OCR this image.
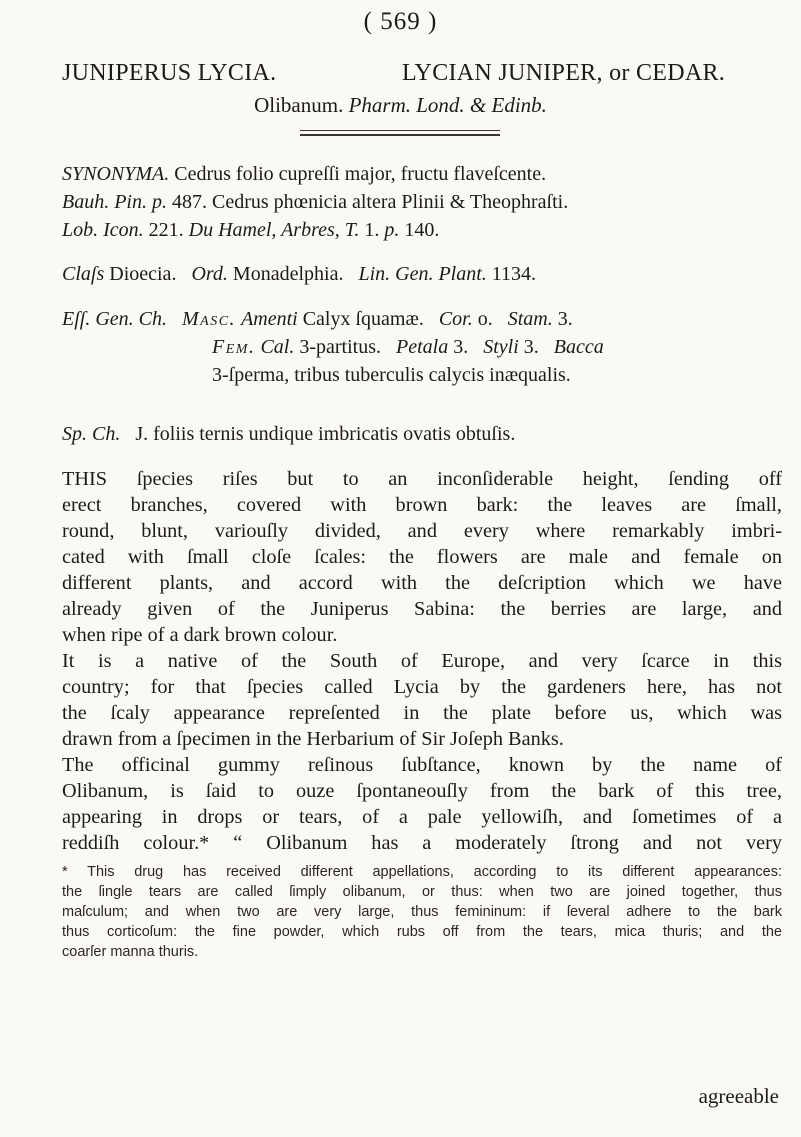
( 569 )
JUNIPERUS LYCIA.	LYCIAN JUNIPER, or CEDAR.
Olibanum. Pharm. Lond. & Edinb.

SYNONYMA. Cedrus folio cupreſſi major, fructu flaveſcente.

Bauh. Pin. p. 487. Cedrus phœnicia altera Plinii & Theophraſti.

Lob. Icon. 221. Du Hamel, Arbres, T. 1. p. 140.

Claſs Dioecia. Ord. Monadelphia. Lin. Gen. Plant. 1134.

Eſſ. Gen. Ch. Masc. Amenti Calyx ſquamæ. Cor. o. Stam. 3.

Fem. Cal. 3-partitus. Petala 3. Styli 3. Bacca

3-ſperma, tribus tuberculis calycis inæqualis.

Sp. Ch. J. foliis ternis undique imbricatis ovatis obtuſis.

THIS ſpecies riſes but to an inconſiderable height, ſending off
erect branches, covered with brown bark: the leaves are ſmall,
round, blunt, variouſly divided, and every where remarkably imbri-
cated with ſmall cloſe ſcales: the flowers are male and female on
different plants, and accord with the deſcription which we have
already given of the Juniperus Sabina: the berries are large, and
when ripe of a dark brown colour.
It is a native of the South of Europe, and very ſcarce in this
country; for that ſpecies called Lycia by the gardeners here, has not
the ſcaly appearance repreſented in the plate before us, which was
drawn from a ſpecimen in the Herbarium of Sir Joſeph Banks.
The officinal gummy reſinous ſubſtance, known by the name of
Olibanum, is ſaid to ouze ſpontaneouſly from the bark of this tree,
appearing in drops or tears, of a pale yellowiſh, and ſometimes of a
reddiſh colour.* “ Olibanum has a moderately ſtrong and not very
* This drug has received different appellations, according to its different appearances:
the ſingle tears are called ſimply olibanum, or thus: when two are joined together, thus
maſculum; and when two are very large, thus femininum: if ſeveral adhere to the bark
thus corticoſum: the fine powder, which rubs off from the tears, mica thuris; and the
coarſer manna thuris.
agreeable
